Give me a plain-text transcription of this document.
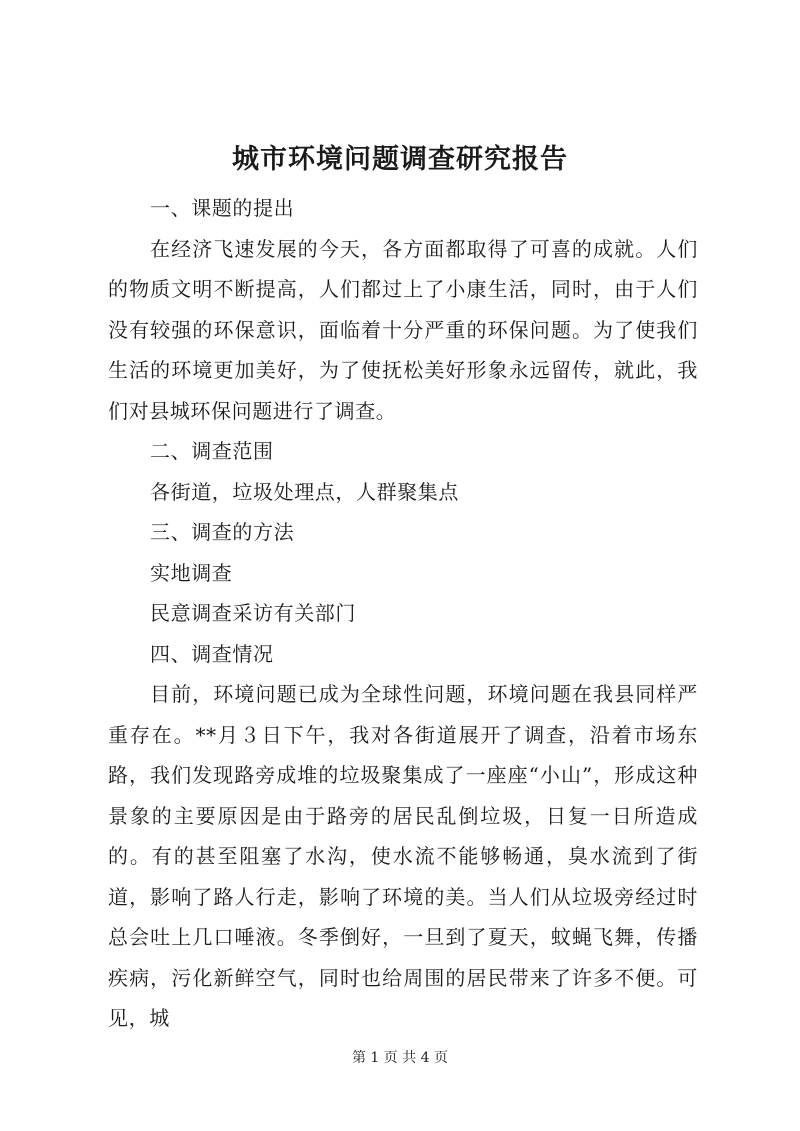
城市环境问题调查研究报告

一、课题的提出

在经济飞速发展的今天，各方面都取得了可喜的成就。人们的物质文明不断提高，人们都过上了小康生活，同时，由于人们没有较强的环保意识，面临着十分严重的环保问题。为了使我们生活的环境更加美好，为了使抚松美好形象永远留传，就此，我们对县城环保问题进行了调查。

二、调查范围

各街道，垃圾处理点，人群聚集点

三、调查的方法

实地调查

民意调查采访有关部门

四、调查情况

目前，环境问题已成为全球性问题，环境问题在我县同样严重存在。**月３日下午，我对各街道展开了调查，沿着市场东路，我们发现路旁成堆的垃圾聚集成了一座座“小山”，形成这种景象的主要原因是由于路旁的居民乱倒垃圾，日复一日所造成的。有的甚至阻塞了水沟，使水流不能够畅通，臭水流到了街道，影响了路人行走，影响了环境的美。当人们从垃圾旁经过时总会吐上几口唾液。冬季倒好，一旦到了夏天，蚊蝇飞舞，传播疾病，污化新鲜空气，同时也给周围的居民带来了许多不便。可见，城

第 1 页 共 4 页
